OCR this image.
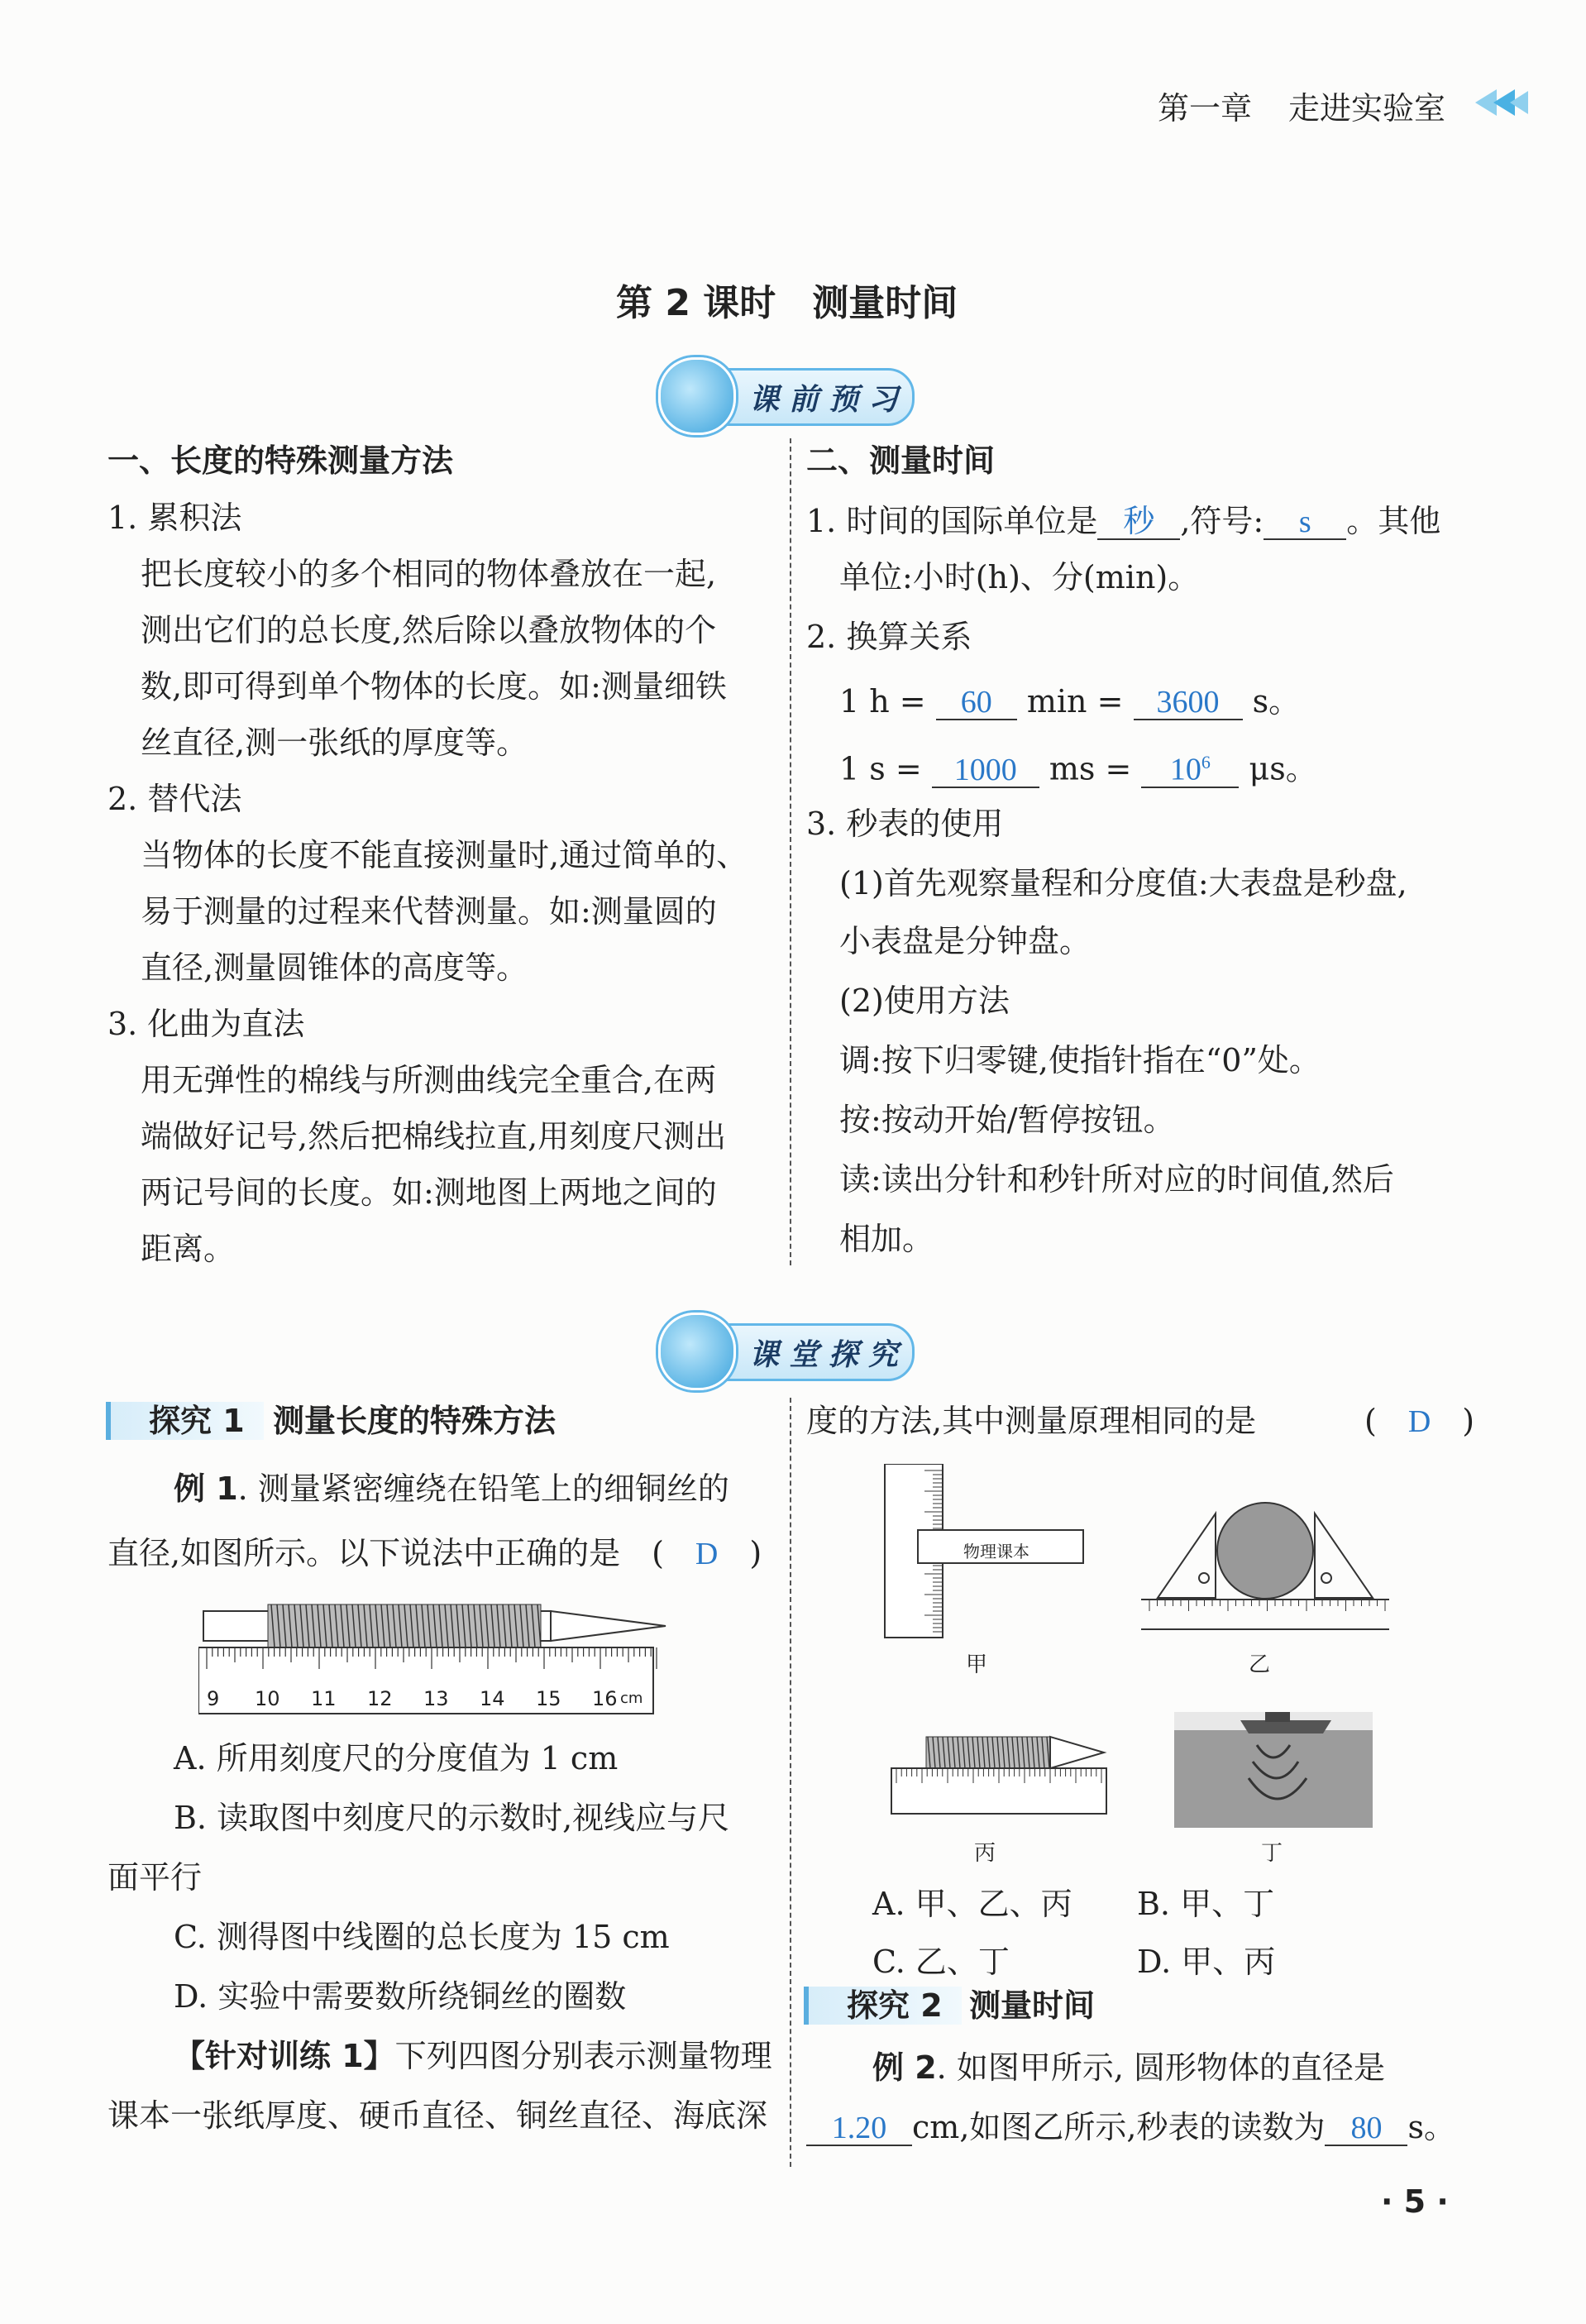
第一章 走进实验室
第 2 课时　测量时间
课前预习
一、长度的特殊测量方法
1. 累积法
把长度较小的多个相同的物体叠放在一起,
测出它们的总长度,然后除以叠放物体的个
数,即可得到单个物体的长度。如:测量细铁
丝直径,测一张纸的厚度等。
2. 替代法
当物体的长度不能直接测量时,通过简单的、
易于测量的过程来代替测量。如:测量圆的
直径,测量圆锥体的高度等。
3. 化曲为直法
用无弹性的棉线与所测曲线完全重合,在两
端做好记号,然后把棉线拉直,用刻度尺测出
两记号间的长度。如:测地图上两地之间的
距离。
二、测量时间
1. 时间的国际单位是 秒 ,符号: s 。其他
单位:小时(h)、分(min)。
2. 换算关系
1 h = 60 min = 3600 s。
1 s = 1000 ms = $10^6$ μs。
3. 秒表的使用
(1)首先观察量程和分度值:大表盘是秒盘,
小表盘是分钟盘。
(2)使用方法
调:按下归零键,使指针指在“0”处。
按:按动开始/暂停按钮。
读:读出分针和秒针所对应的时间值,然后
相加。
课堂探究
探究 1 测量长度的特殊方法
例 1. 测量紧密缠绕在铅笔上的细铜丝的
直径,如图所示。以下说法中正确的是　(　D　)
9 10 11 12 13 14 15 16 cm
A. 所用刻度尺的分度值为 1 cm
B. 读取图中刻度尺的示数时,视线应与尺
面平行
C. 测得图中线圈的总长度为 15 cm
D. 实验中需要数所绕铜丝的圈数
【针对训练 1】下列四图分别表示测量物理
课本一张纸厚度、硬币直径、铜丝直径、海底深
度的方法,其中测量原理相同的是	(　D　)
物理课本
甲	乙
丙	丁
A. 甲、乙、丙 B. 甲、丁
C. 乙、丁	D. 甲、丙
探究 2 测量时间
例 2. 如图甲所示, 圆形物体的直径是
1.20 cm,如图乙所示,秒表的读数为 80 s。
· 5 ·
